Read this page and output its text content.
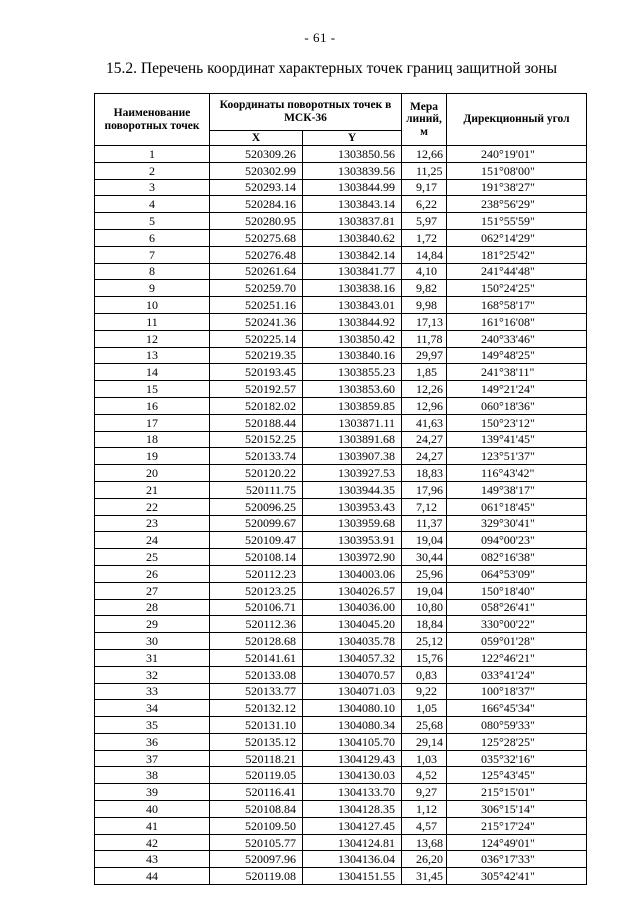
- 61 -
15.2. Перечень координат характерных точек границ защитной зоны
Наименование поворотных точек	Координаты поворотных точек в МСК-36		Мера линий, м	Дирекционный угол
	X	Y		
1	520309.26	1303850.56	12,66	240°19'01"
2	520302.99	1303839.56	11,25	151°08'00"
3	520293.14	1303844.99	9,17	191°38'27"
4	520284.16	1303843.14	6,22	238°56'29"
5	520280.95	1303837.81	5,97	151°55'59"
6	520275.68	1303840.62	1,72	062°14'29"
7	520276.48	1303842.14	14,84	181°25'42"
8	520261.64	1303841.77	4,10	241°44'48"
9	520259.70	1303838.16	9,82	150°24'25"
10	520251.16	1303843.01	9,98	168°58'17"
11	520241.36	1303844.92	17,13	161°16'08"
12	520225.14	1303850.42	11,78	240°33'46"
13	520219.35	1303840.16	29,97	149°48'25"
14	520193.45	1303855.23	1,85	241°38'11"
15	520192.57	1303853.60	12,26	149°21'24"
16	520182.02	1303859.85	12,96	060°18'36"
17	520188.44	1303871.11	41,63	150°23'12"
18	520152.25	1303891.68	24,27	139°41'45"
19	520133.74	1303907.38	24,27	123°51'37"
20	520120.22	1303927.53	18,83	116°43'42"
21	520111.75	1303944.35	17,96	149°38'17"
22	520096.25	1303953.43	7,12	061°18'45"
23	520099.67	1303959.68	11,37	329°30'41"
24	520109.47	1303953.91	19,04	094°00'23"
25	520108.14	1303972.90	30,44	082°16'38"
26	520112.23	1304003.06	25,96	064°53'09"
27	520123.25	1304026.57	19,04	150°18'40"
28	520106.71	1304036.00	10,80	058°26'41"
29	520112.36	1304045.20	18,84	330°00'22"
30	520128.68	1304035.78	25,12	059°01'28"
31	520141.61	1304057.32	15,76	122°46'21"
32	520133.08	1304070.57	0,83	033°41'24"
33	520133.77	1304071.03	9,22	100°18'37"
34	520132.12	1304080.10	1,05	166°45'34"
35	520131.10	1304080.34	25,68	080°59'33"
36	520135.12	1304105.70	29,14	125°28'25"
37	520118.21	1304129.43	1,03	035°32'16"
38	520119.05	1304130.03	4,52	125°43'45"
39	520116.41	1304133.70	9,27	215°15'01"
40	520108.84	1304128.35	1,12	306°15'14"
41	520109.50	1304127.45	4,57	215°17'24"
42	520105.77	1304124.81	13,68	124°49'01"
43	520097.96	1304136.04	26,20	036°17'33"
44	520119.08	1304151.55	31,45	305°42'41"
